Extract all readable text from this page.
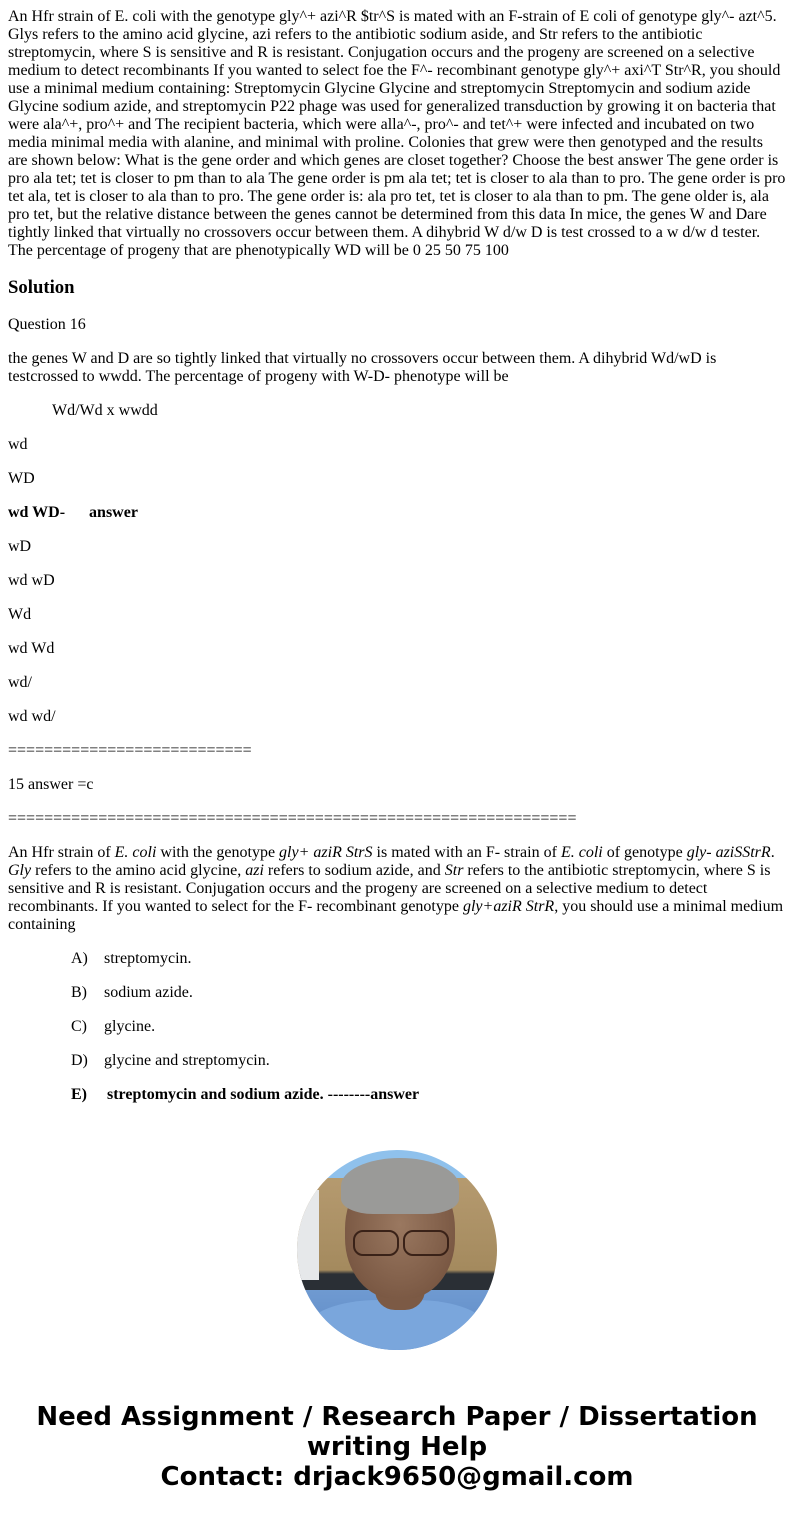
An Hfr strain of E. coli with the genotype gly^+ azi^R $tr^S is mated with an F-strain of E coli of genotype gly^- azt^5. Glys refers to the amino acid glycine, azi refers to the antibiotic sodium aside, and Str refers to the antibiotic streptomycin, where S is sensitive and R is resistant. Conjugation occurs and the progeny are screened on a selective medium to detect recombinants If you wanted to select foe the F^- recombinant genotype gly^+ axi^T Str^R, you should use a minimal medium containing: Streptomycin Glycine Glycine and streptomycin Streptomycin and sodium azide Glycine sodium azide, and streptomycin P22 phage was used for generalized transduction by growing it on bacteria that were ala^+, pro^+ and The recipient bacteria, which were alla^-, pro^- and tet^+ were infected and incubated on two media minimal media with alanine, and minimal with proline. Colonies that grew were then genotyped and the results are shown below: What is the gene order and which genes are closet together? Choose the best answer The gene order is pro ala tet; tet is closer to pm than to ala The gene order is pm ala tet; tet is closer to ala than to pro. The gene order is pro tet ala, tet is closer to ala than to pro. The gene order is: ala pro tet, tet is closer to ala than to pm. The gene older is, ala pro tet, but the relative distance between the genes cannot be determined from this data In mice, the genes W and Dare tightly linked that virtually no crossovers occur between them. A dihybrid W d/w D is test crossed to a w d/w d tester. The percentage of progeny that are phenotypically WD will be 0 25 50 75 100

Solution

Question 16

the genes W and D are so tightly linked that virtually no crossovers occur between them. A dihybrid Wd/wD is testcrossed to wwdd. The percentage of progeny with W-D- phenotype will be

Wd/Wd x wwdd

wd

WD

wd WD- answer

wD

wd wD

Wd

wd Wd

wd/

wd wd/

===========================

15 answer =c

===============================================================

An Hfr strain of E. coli with the genotype gly+ aziR StrS is mated with an F- strain of E. coli of genotype gly- aziSStrR. Gly refers to the amino acid glycine, azi refers to sodium azide, and Str refers to the antibiotic streptomycin, where S is sensitive and R is resistant. Conjugation occurs and the progeny are screened on a selective medium to detect recombinants. If you wanted to select for the F- recombinant genotype gly+aziR StrR, you should use a minimal medium containing

A) streptomycin.
B) sodium azide.
C) glycine.
D) glycine and streptomycin.
E) streptomycin and sodium azide. --------answer
Need Assignment / Research Paper / Dissertation writing Help
Contact: drjack9650@gmail.com
